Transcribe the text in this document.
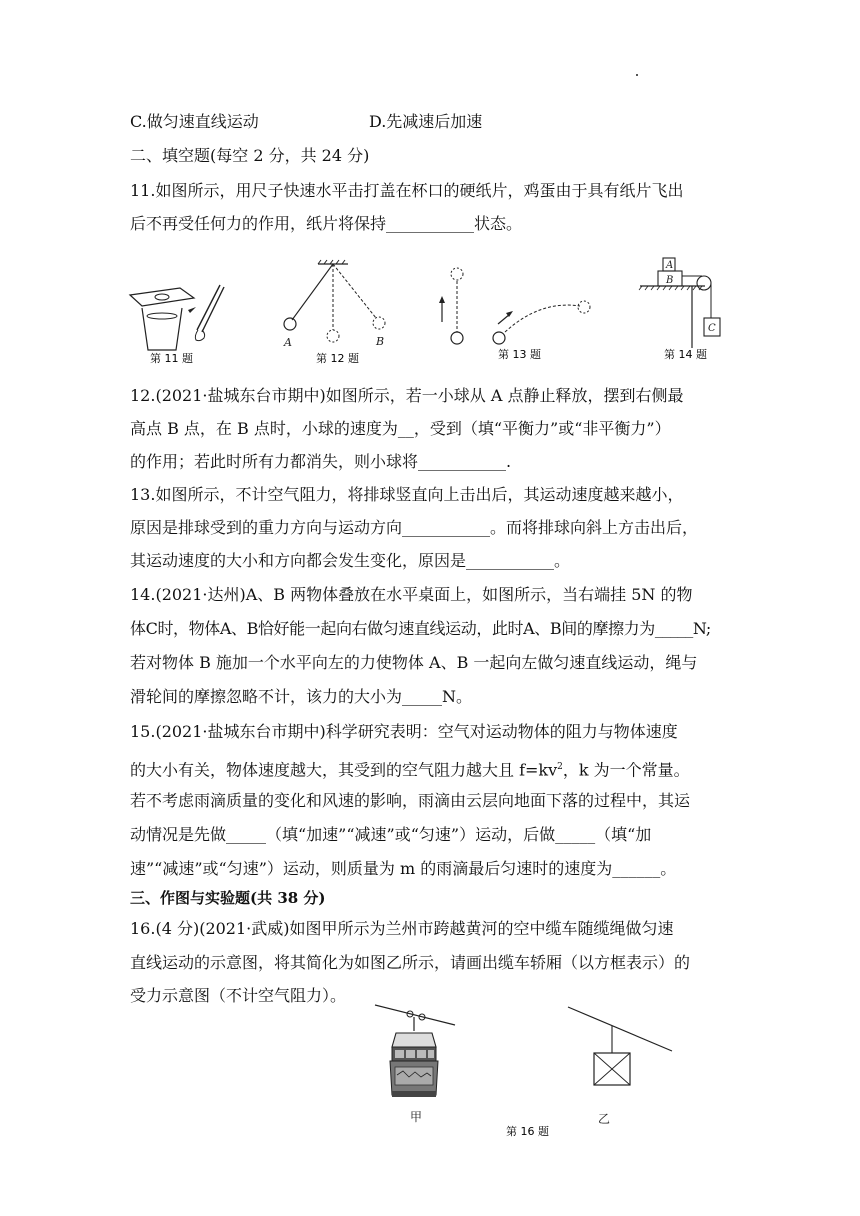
C.做匀速直线运动	D.先减速后加速
二、填空题(每空 2 分，共 24 分)
11.如图所示，用尺子快速水平击打盖在杯口的硬纸片，鸡蛋由于具有纸片飞出
后不再受任何力的作用，纸片将保持___________状态。
第 11 题
A	B
第 12 题	第 13 题
A
B
C
第 14 题
12.(2021·盐城东台市期中)如图所示，若一小球从 A 点静止释放，摆到右侧最
高点 B 点，在 B 点时，小球的速度为__，受到（填“平衡力”或“非平衡力”）
的作用；若此时所有力都消失，则小球将___________.
13.如图所示，不计空气阻力，将排球竖直向上击出后，其运动速度越来越小，
原因是排球受到的重力方向与运动方向___________。而将排球向斜上方击出后，
其运动速度的大小和方向都会发生变化，原因是___________。
14.(2021·达州)A、B 两物体叠放在水平桌面上，如图所示，当右端挂 5N 的物
体C时，物体A、B恰好能一起向右做匀速直线运动，此时A、B间的摩擦力为_____N;
若对物体 B 施加一个水平向左的力使物体 A、B 一起向左做匀速直线运动，绳与
滑轮间的摩擦忽略不计，该力的大小为_____N。
15.(2021·盐城东台市期中)科学研究表明：空气对运动物体的阻力与物体速度
的大小有关，物体速度越大，其受到的空气阻力越大且 $f=kv^2$，k 为一个常量。
若不考虑雨滴质量的变化和风速的影响，雨滴由云层向地面下落的过程中，其运
动情况是先做_____（填“加速”“减速”或“匀速”）运动，后做_____（填“加
速”“减速”或“匀速”）运动，则质量为 m 的雨滴最后匀速时的速度为______。
三、作图与实验题(共 38 分)
16.(4 分)(2021·武威)如图甲所示为兰州市跨越黄河的空中缆车随缆绳做匀速
直线运动的示意图，将其简化为如图乙所示，请画出缆车轿厢（以方框表示）的
受力示意图（不计空气阻力）。
甲	乙
第 16 题
